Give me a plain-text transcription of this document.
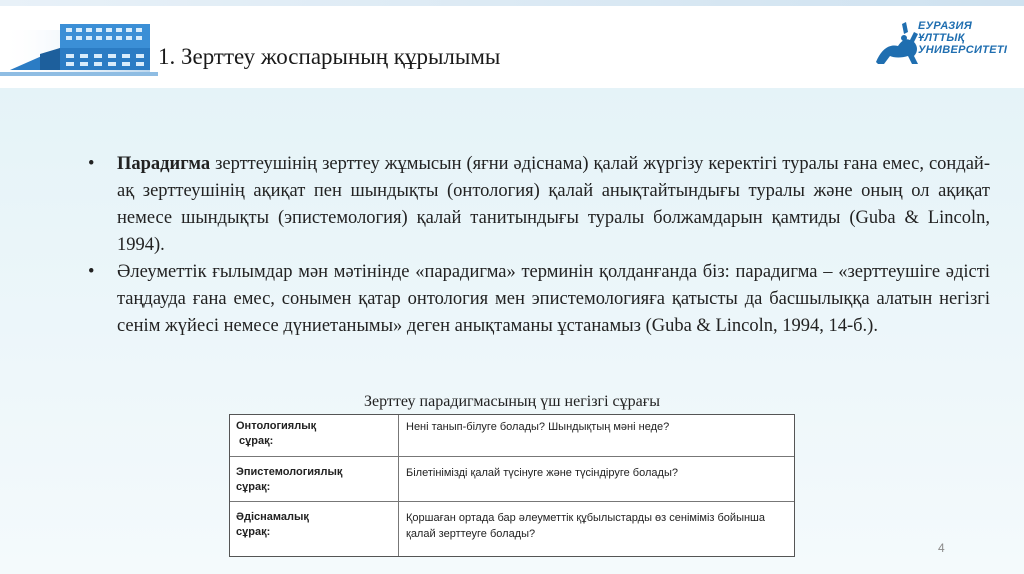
1. Зерттеу жоспарының құрылымы
ЕУРАЗИЯ
ҰЛТТЫҚ
УНИВЕРСИТЕТІ
• Парадигма зерттеушінің зерттеу жұмысын (яғни әдіснама) қалай жүргізу керектігі туралы ғана емес, сондай-ақ зерттеушінің ақиқат пен шындықты (онтология) қалай анықтайтындығы туралы және оның ол ақиқат немесе шындықты (эпистемология) қалай танитындығы туралы болжамдарын қамтиды (Guba & Lincoln, 1994).
• Әлеуметтік ғылымдар мән мәтінінде «парадигма» терминін қолданғанда біз: парадигма – «зерттеушіге әдісті таңдауда ғана емес, сонымен қатар онтология мен эпистемологияға қатысты да басшылыққа алатын негізгі сенім жүйесі немесе дүниетанымы» деген анықтаманы ұстанамыз (Guba & Lincoln, 1994, 14-б.).
Зерттеу парадигмасының үш негізгі сұрағы
Онтологиялық
сұрақ:
Нені танып-білуге болады? Шындықтың мәні неде?
Эпистемологиялық
сұрақ:
Білетінімізді қалай түсінуге және түсіндіруге болады?
Әдіснамалық
сұрақ:
Қоршаған ортада бар әлеуметтік құбылыстарды өз сеніміміз бойынша қалай зерттеуге болады?
4
